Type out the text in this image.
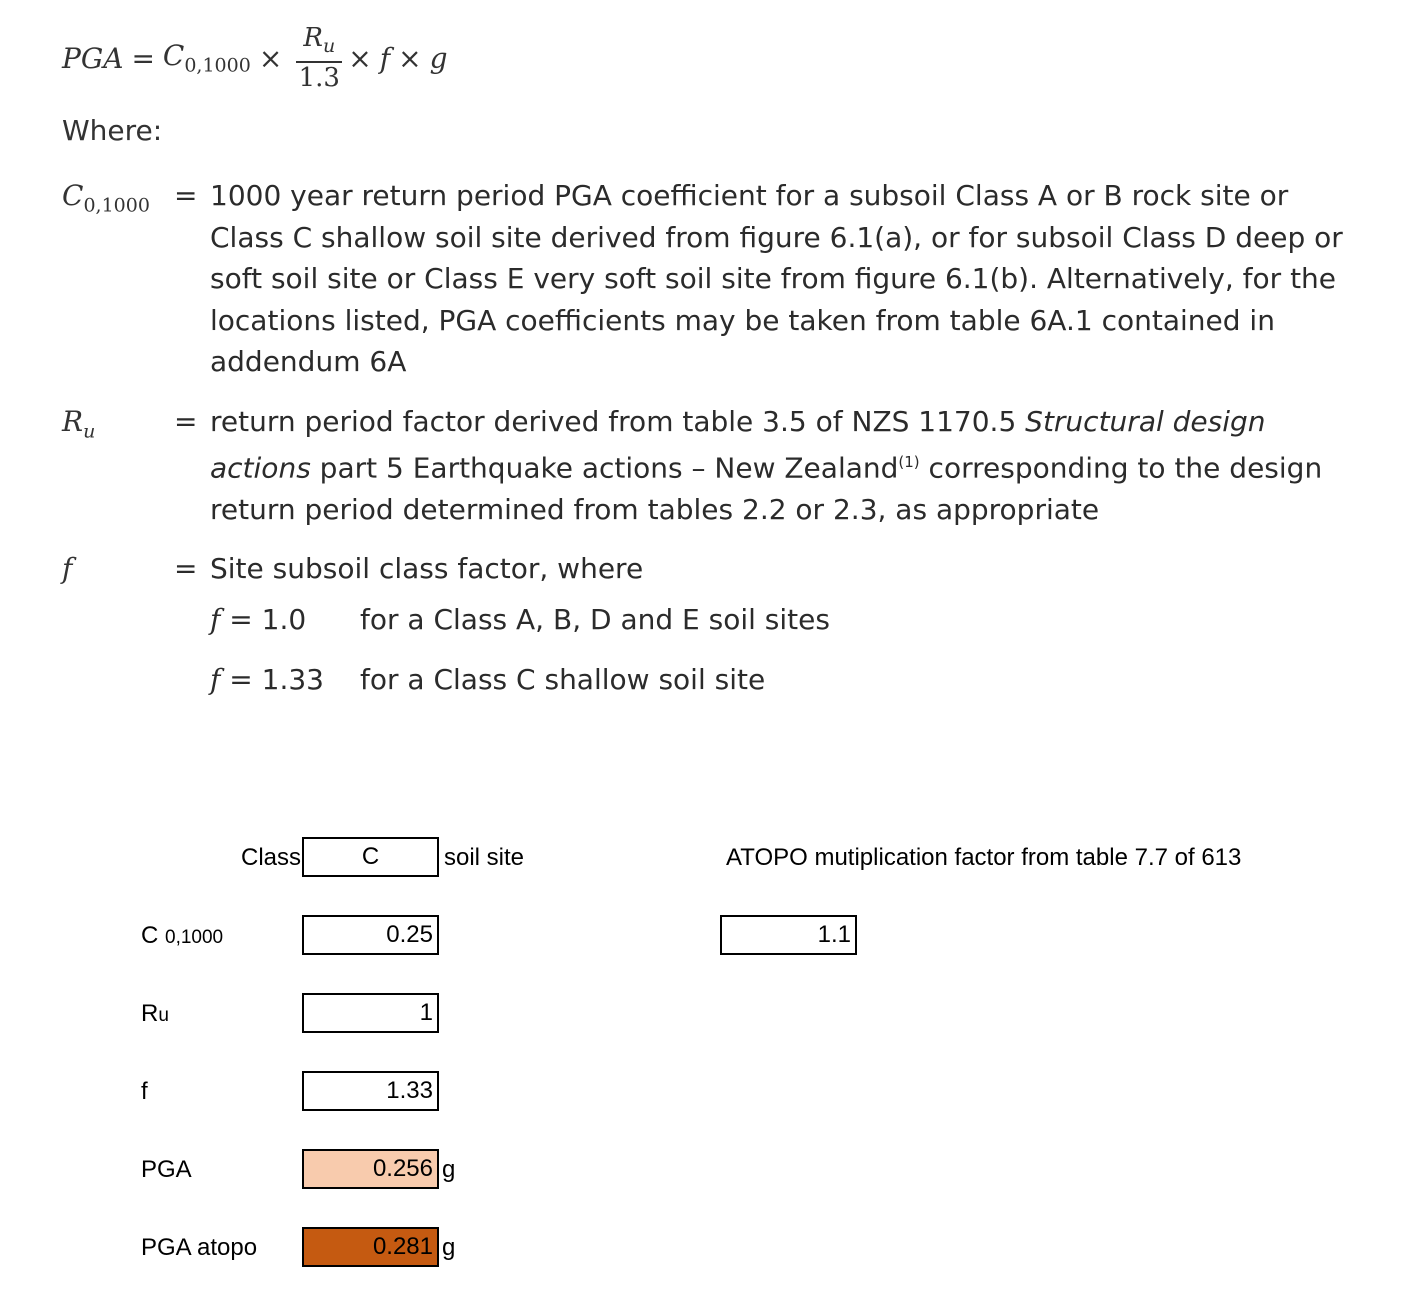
PGA = $C_{0,1000} \times \frac{R_u}{1.3} \times f \times g$
Where:
$C_{0,1000} = 1000$ year return period PGA coefficient for a subsoil Class A or B rock site or Class C shallow soil site derived from figure 6.1(a), or for subsoil Class D deep or soft soil site or Class E very soft soil site from figure 6.1(b). Alternatively, for the locations listed, PGA coefficients may be taken from table 6A.1 contained in addendum 6A
$R_u$	= return period factor derived from table 3.5 of NZS 1170.5 Structural design actions part 5 Earthquake actions – New Zealand$^{(1)}$ corresponding to the design return period determined from tables 2.2 or 2.3, as appropriate
f	= Site subsoil class factor, where
f = 1.0	for a Class A, B, D and E soil sites
f = 1.33	for a Class C shallow soil site
Class	C	soil site	ATOPO mutiplication factor from table 7.7 of 613
1.1
C 0,1000	0.25
Ru	1
f	1.33
PGA	0.256 g
PGA atopo	0.281 g
